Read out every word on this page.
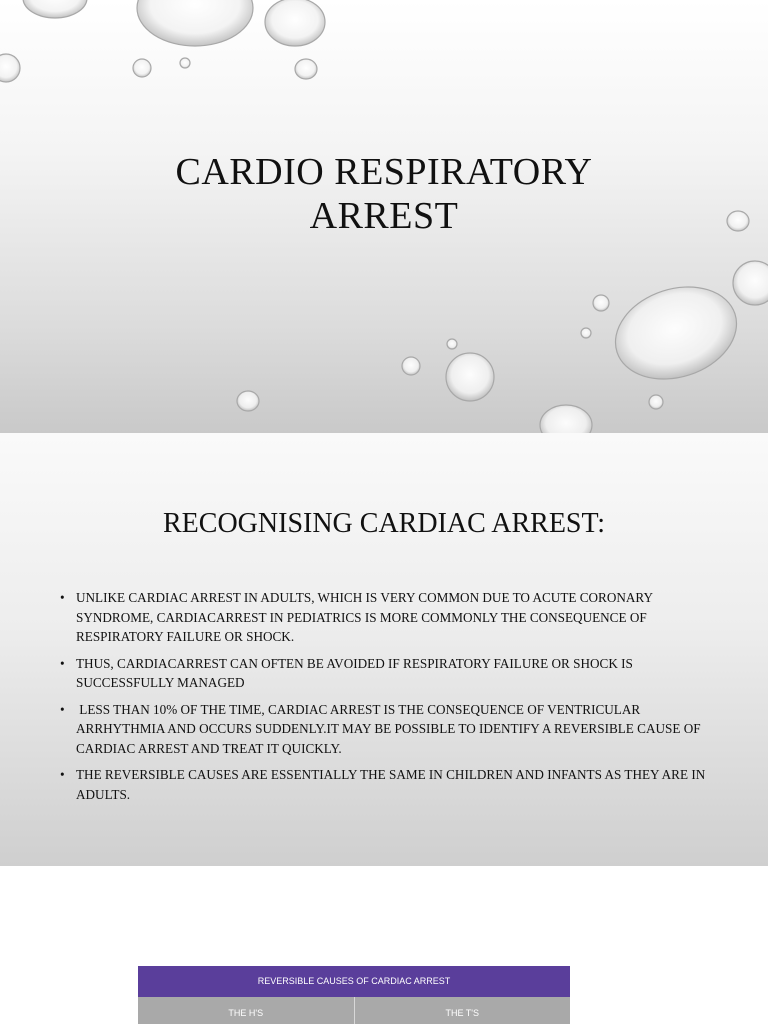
CARDIO RESPIRATORY
ARREST
RECOGNISING CARDIAC ARREST:
• UNLIKE CARDIAC ARREST IN ADULTS, WHICH IS VERY COMMON DUE TO ACUTE CORONARY SYNDROME, CARDIACARREST IN PEDIATRICS IS MORE COMMONLY THE CONSEQUENCE OF RESPIRATORY FAILURE OR SHOCK.
• THUS, CARDIACARREST CAN OFTEN BE AVOIDED IF RESPIRATORY FAILURE OR SHOCK IS SUCCESSFULLY MANAGED
• LESS THAN 10% OF THE TIME, CARDIAC ARREST IS THE CONSEQUENCE OF VENTRICULAR ARRHYTHMIA AND OCCURS SUDDENLY.IT MAY BE POSSIBLE TO IDENTIFY A REVERSIBLE CAUSE OF CARDIAC ARREST AND TREAT IT QUICKLY.
• THE REVERSIBLE CAUSES ARE ESSENTIALLY THE SAME IN CHILDREN AND INFANTS AS THEY ARE IN ADULTS.
REVERSIBLE CAUSES OF CARDIAC ARREST
THE H'S	THE T'S
